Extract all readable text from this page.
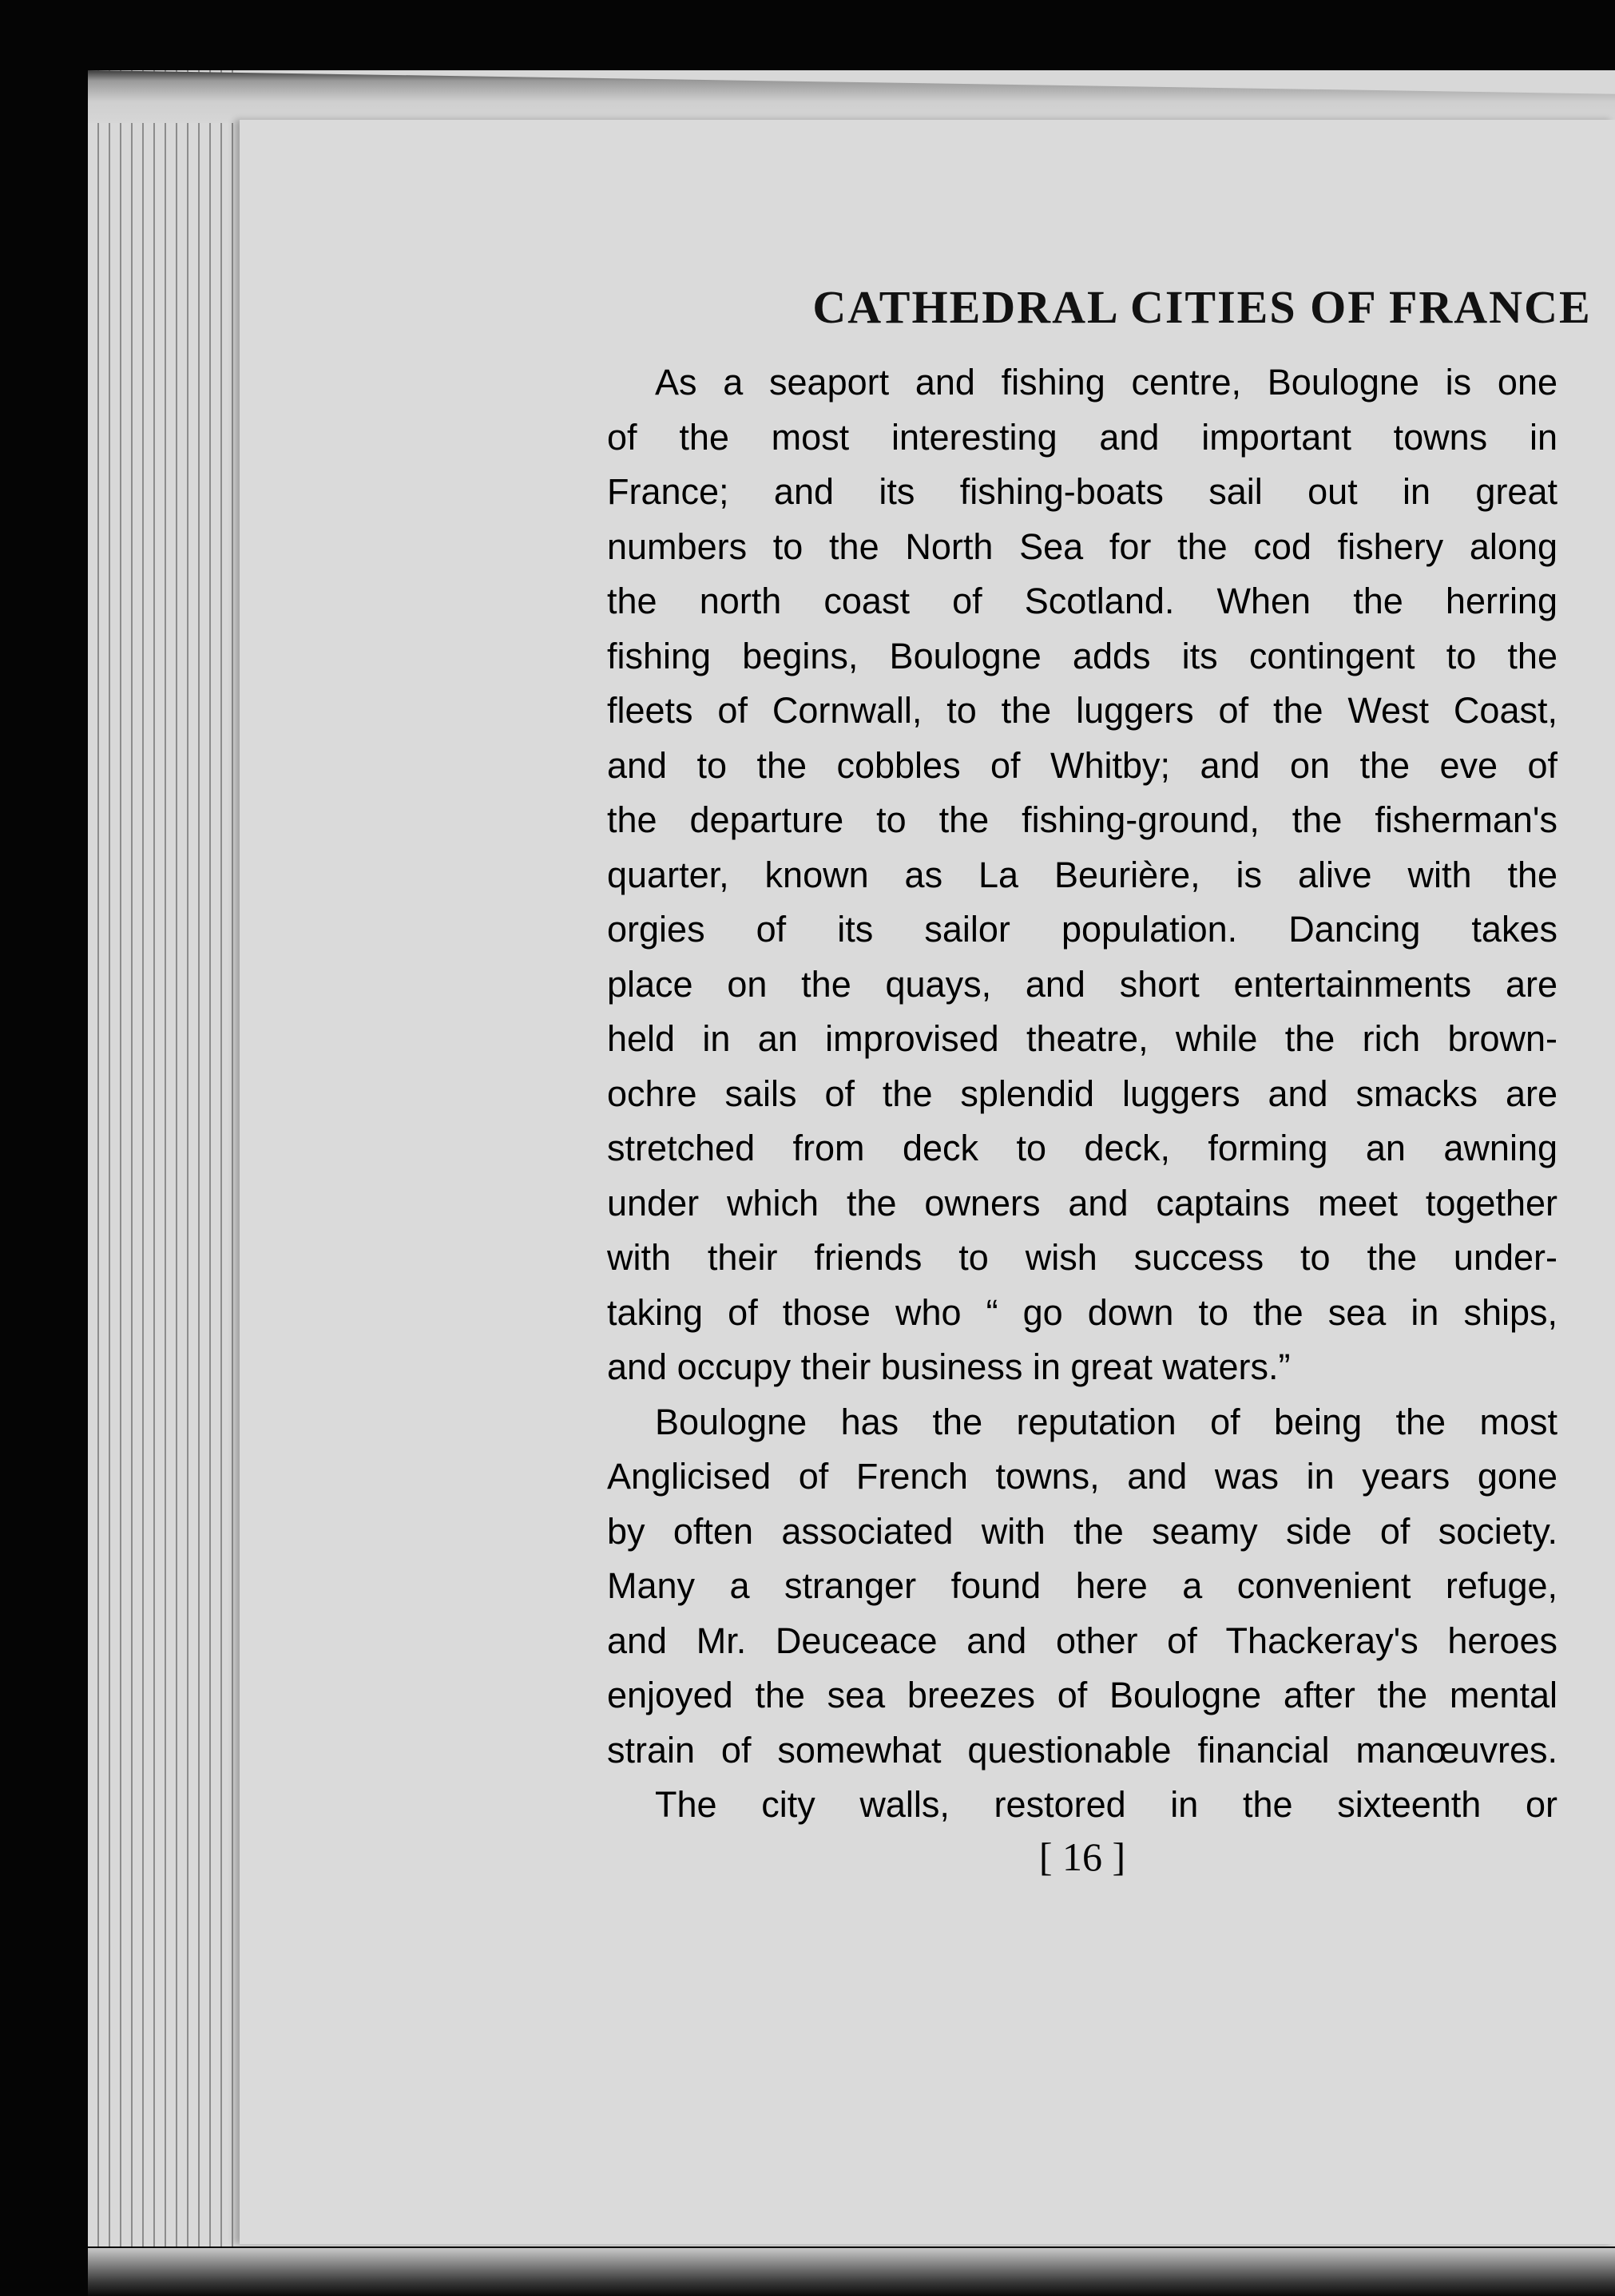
CATHEDRAL CITIES OF FRANCE
As a seaport and fishing centre, Boulogne is one
of the most interesting and important towns in
France; and its fishing-boats sail out in great
numbers to the North Sea for the cod fishery along
the north coast of Scotland. When the herring
fishing begins, Boulogne adds its contingent to the
fleets of Cornwall, to the luggers of the West Coast,
and to the cobbles of Whitby; and on the eve of
the departure to the fishing-ground, the fisherman's
quarter, known as La Beurière, is alive with the
orgies of its sailor population. Dancing takes
place on the quays, and short entertainments are
held in an improvised theatre, while the rich brown-
ochre sails of the splendid luggers and smacks are
stretched from deck to deck, forming an awning
under which the owners and captains meet together
with their friends to wish success to the under-
taking of those who “ go down to the sea in ships,
and occupy their business in great waters.”
Boulogne has the reputation of being the most
Anglicised of French towns, and was in years gone
by often associated with the seamy side of society.
Many a stranger found here a convenient refuge,
and Mr. Deuceace and other of Thackeray's heroes
enjoyed the sea breezes of Boulogne after the mental
strain of somewhat questionable financial manœuvres.
The city walls, restored in the sixteenth or
[ 16 ]
